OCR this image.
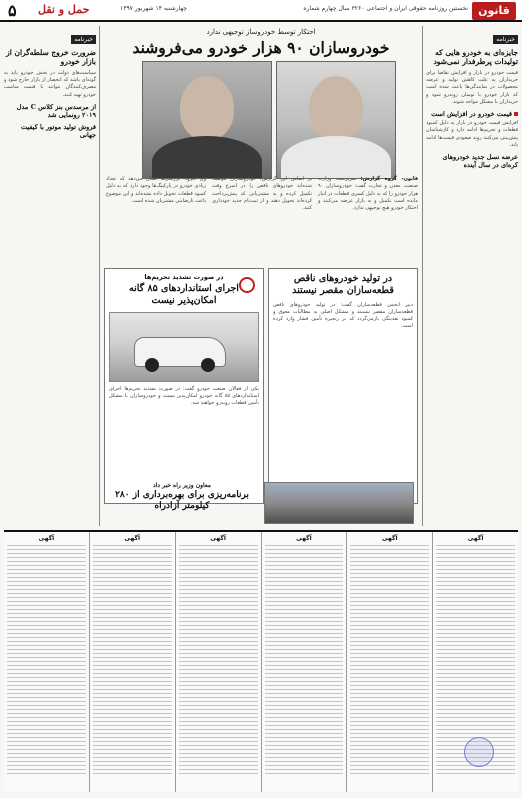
قانون
نخستین روزنامه حقوقی ایران و اجتماعی ۳۲۶۰ سال چهارم شماره
چهارشنبه ۱۴ شهریور ۱۳۹۷
حمل و نقل
۵
خبرنامه
جایزه‌ای به خودرو هایی که تولیدات پرطرفدار نمی‌شود
قیمت خودرو در بازار و افزایش تقاضا برای خریداران به علت کاهش تولید و عرضه محصولات در نمایندگی‌ها باعث شده است که بازار خودرو با نوسان روبه‌رو شود و خریداران با مشکل مواجه شوند.
قیمت خودرو در افزایش است
افزایش قیمت خودرو در بازار به دلیل کمبود قطعات و تحریم‌ها ادامه دارد و کارشناسان پیش‌بینی می‌کنند روند صعودی قیمت‌ها ادامه یابد.
عرضه نسل جدید خودروهای کره‌ای در سال آینده
خبرنامه
ضرورت خروج سلطه‌گران از بازار خودرو
سیاست‌های دولت در بخش خودرو باید به گونه‌ای باشد که انحصار از بازار خارج شود و مصرف‌کنندگان بتوانند با قیمت مناسب خودرو تهیه کنند.
از مرسدس بنز کلاس C مدل ۲۰۱۹ رونمایی شد
فروش تولید موتور با کیفیت جهانی
احتکار توسط خودروساز توجیهی ندارد
خودروسازان ۹۰ هزار خودرو می‌فروشند
قانون- گروه گزارش: سرپرست وزارت صنعت، معدن و تجارت گفت: خودروسازان ۹۰ هزار خودرو را که به دلیل کسری قطعات در انبار مانده است تکمیل و به بازار عرضه می‌کنند و احتکار خودرو هیچ توجیهی ندارد.
بر اساس این گزارش، خودروسازان موظف شده‌اند خودروهای ناقص را در اسرع وقت تکمیل کرده و به مشتریانی که پیش‌پرداخت کرده‌اند تحویل دهند و از ثبت‌نام جدید خودداری کنند.
وی افزود: بررسی‌ها نشان می‌دهد که تعداد زیادی خودرو در پارکینگ‌ها وجود دارد که به دلیل کمبود قطعات تحویل داده نشده‌اند و این موضوع باعث نارضایتی مشتریان شده است.
در تولید خودروهای ناقص قطعه‌سازان مقصر نیستند
دبیر انجمن قطعه‌سازان گفت: در تولید خودروهای ناقص قطعه‌سازان مقصر نیستند و مشکل اصلی به مطالبات معوق و کمبود نقدینگی بازمی‌گردد که بر زنجیره تأمین فشار وارد کرده است.
در صورت تشدید تحریم‌ها
اجرای استانداردهای ۸۵ گانه امکان‌پذیر نیست
یکی از فعالان صنعت خودرو گفت: در صورت تشدید تحریم‌ها اجرای استانداردهای ۸۵ گانه خودرو امکان‌پذیر نیست و خودروسازان با مشکل تأمین قطعات روبه‌رو خواهند شد.
معاون وزیر راه خبر داد
برنامه‌ریزی برای بهره‌برداری از ۲۸۰ کیلومتر آزادراه
آگهی
آگهی
آگهی
آگهی
آگهی
آگهی
